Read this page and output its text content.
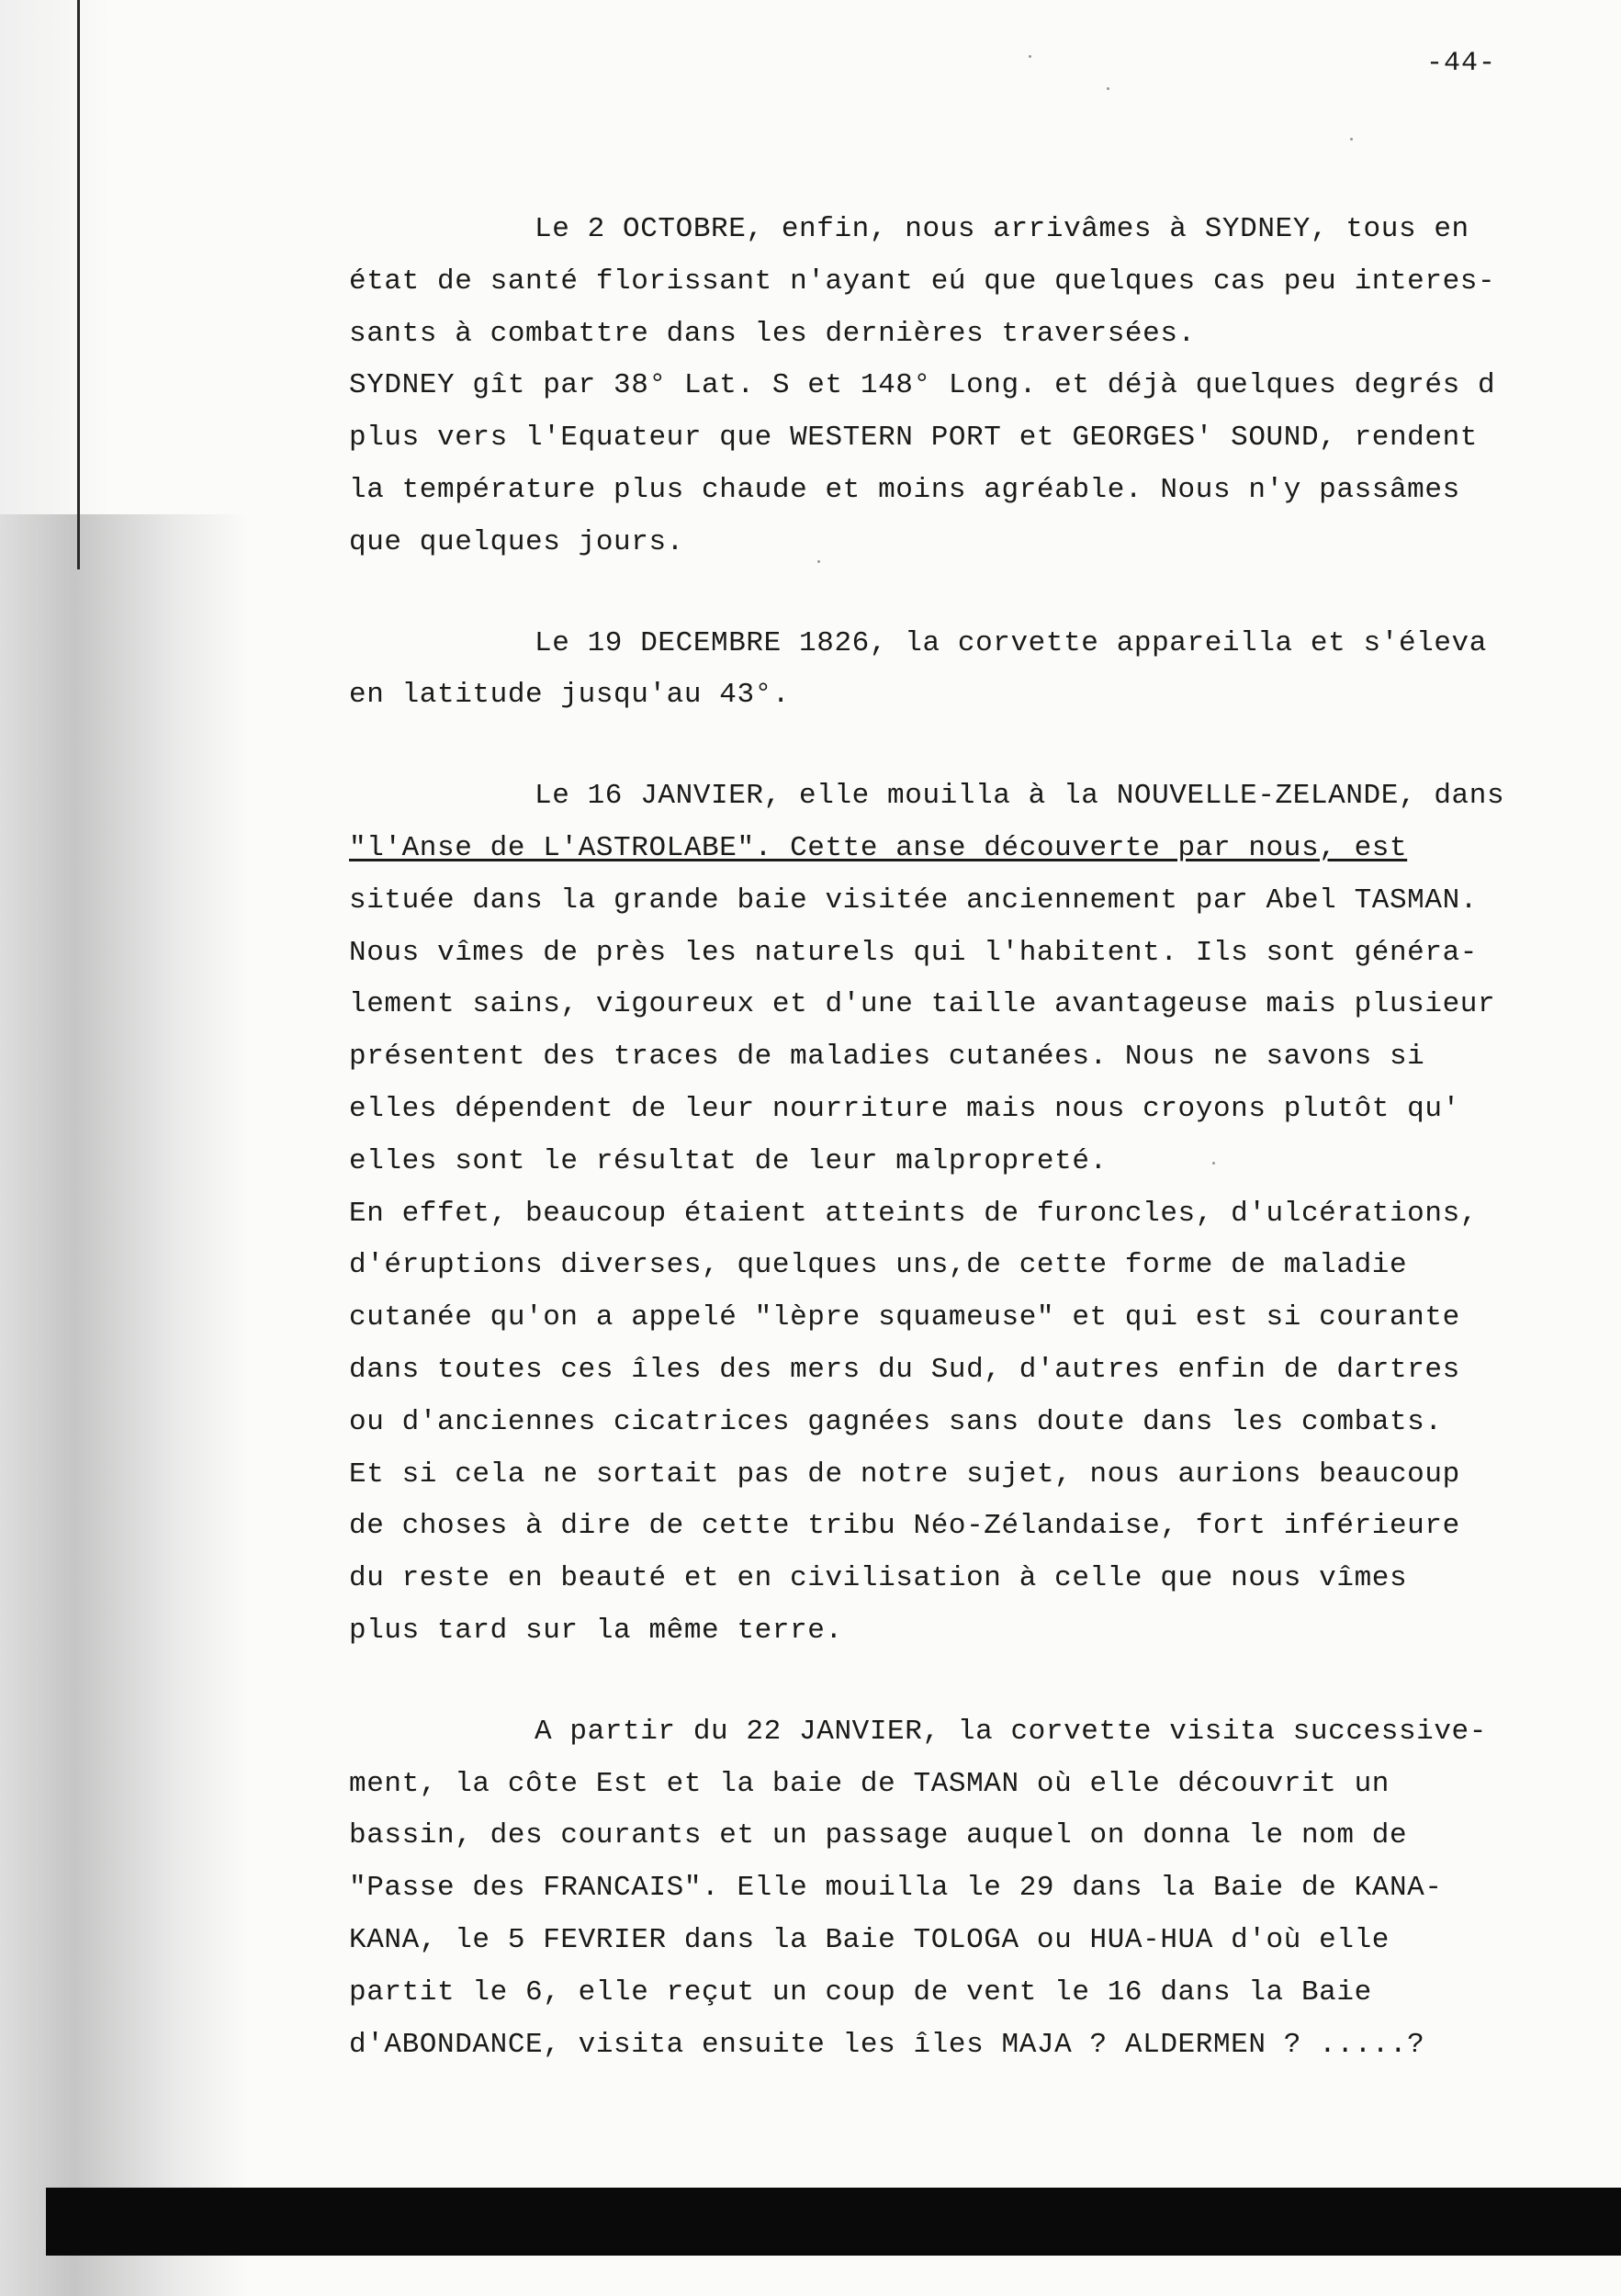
-44-

Le 2 OCTOBRE, enfin, nous arrivâmes à SYDNEY, tous en
état de santé florissant n'ayant eú que quelques cas peu interes-
sants à combattre dans les dernières traversées.
SYDNEY gît par 38° Lat. S et 148° Long. et déjà quelques degrés d
plus vers l'Equateur que WESTERN PORT et GEORGES' SOUND, rendent
la température plus chaude et moins agréable. Nous n'y passâmes
que quelques jours.

Le 19 DECEMBRE 1826, la corvette appareilla et s'éleva
en latitude jusqu'au 43°.

Le 16 JANVIER, elle mouilla à la NOUVELLE-ZELANDE, dans
"l'Anse de L'ASTROLABE". Cette anse découverte par nous, est
située dans la grande baie visitée anciennement par Abel TASMAN.
Nous vîmes de près les naturels qui l'habitent. Ils sont généra-
lement sains, vigoureux et d'une taille avantageuse mais plusieur
présentent des traces de maladies cutanées. Nous ne savons si
elles dépendent de leur nourriture mais nous croyons plutôt qu'
elles sont le résultat de leur malpropreté.
En effet, beaucoup étaient atteints de furoncles, d'ulcérations,
d'éruptions diverses, quelques uns,de cette forme de maladie
cutanée qu'on a appelé "lèpre squameuse" et qui est si courante
dans toutes ces îles des mers du Sud, d'autres enfin de dartres
ou d'anciennes cicatrices gagnées sans doute dans les combats.
Et si cela ne sortait pas de notre sujet, nous aurions beaucoup
de choses à dire de cette tribu Néo-Zélandaise, fort inférieure
du reste en beauté et en civilisation à celle que nous vîmes
plus tard sur la même terre.

A partir du 22 JANVIER, la corvette visita successive-
ment, la côte Est et la baie de TASMAN où elle découvrit un
bassin, des courants et un passage auquel on donna le nom de
"Passe des FRANCAIS". Elle mouilla le 29 dans la Baie de KANA-
KANA, le 5 FEVRIER dans la Baie TOLOGA ou HUA-HUA d'où elle
partit le 6, elle reçut un coup de vent le 16 dans la Baie
d'ABONDANCE, visita ensuite les îles MAJA ? ALDERMEN ? .....?
